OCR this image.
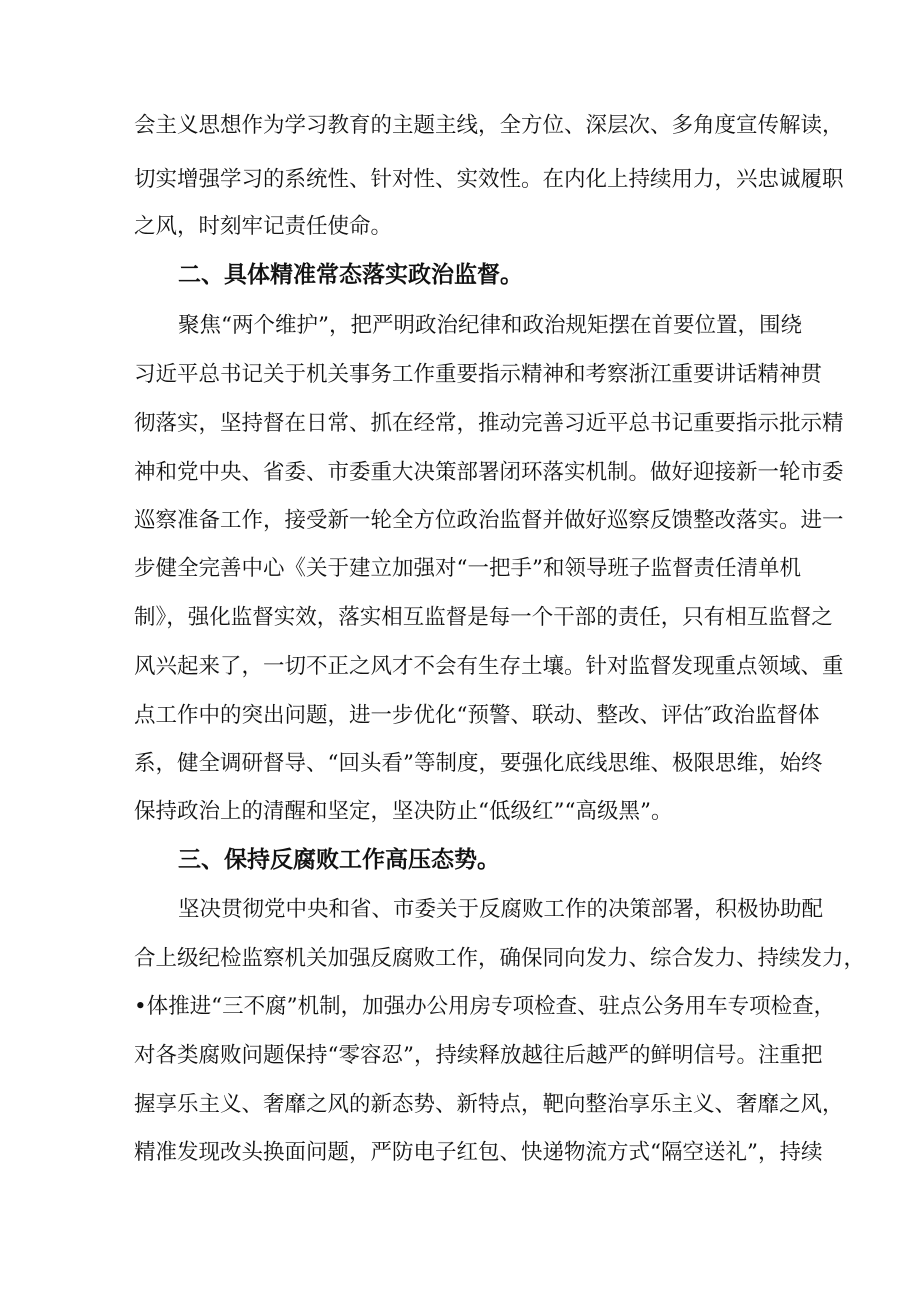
会主义思想作为学习教育的主题主线，全方位、深层次、多角度宣传解读，
切实增强学习的系统性、针对性、实效性。在内化上持续用力，兴忠诚履职
之风，时刻牢记责任使命。
二、具体精准常态落实政治监督。
聚焦“两个维护”，把严明政治纪律和政治规矩摆在首要位置，围绕
习近平总书记关于机关事务工作重要指示精神和考察浙江重要讲话精神贯
彻落实，坚持督在日常、抓在经常，推动完善习近平总书记重要指示批示精
神和党中央、省委、市委重大决策部署闭环落实机制。做好迎接新一轮市委
巡察准备工作，接受新一轮全方位政治监督并做好巡察反馈整改落实。进一
步健全完善中心《关于建立加强对“一把手”和领导班子监督责任清单机
制》，强化监督实效，落实相互监督是每一个干部的责任，只有相互监督之
风兴起来了，一切不正之风才不会有生存土壤。针对监督发现重点领域、重
点工作中的突出问题，进一步优化“预警、联动、整改、评估″政治监督体
系，健全调研督导、“回头看”等制度，要强化底线思维、极限思维，始终
保持政治上的清醒和坚定，坚决防止“低级红”“高级黑”。
三、保持反腐败工作高压态势。
坚决贯彻党中央和省、市委关于反腐败工作的决策部署，积极协助配
合上级纪检监察机关加强反腐败工作，确保同向发力、综合发力、持续发力，
•体推进“三不腐”机制，加强办公用房专项检查、驻点公务用车专项检查，
对各类腐败问题保持“零容忍”，持续释放越往后越严的鲜明信号。注重把
握享乐主义、奢靡之风的新态势、新特点，靶向整治享乐主义、奢靡之风，
精准发现改头换面问题，严防电子红包、快递物流方式“隔空送礼”，持续
